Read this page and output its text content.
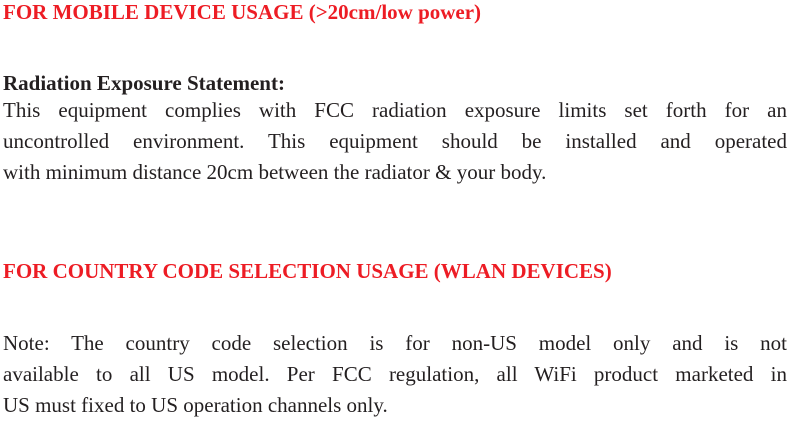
FOR MOBILE DEVICE USAGE (>20cm/low power)
Radiation Exposure Statement:
This equipment complies with FCC radiation exposure limits set forth for an
uncontrolled environment. This equipment should be installed and operated
with minimum distance 20cm between the radiator & your body.
FOR COUNTRY CODE SELECTION USAGE (WLAN DEVICES)
Note: The country code selection is for non-US model only and is not
available to all US model. Per FCC regulation, all WiFi product marketed in
US must fixed to US operation channels only.
